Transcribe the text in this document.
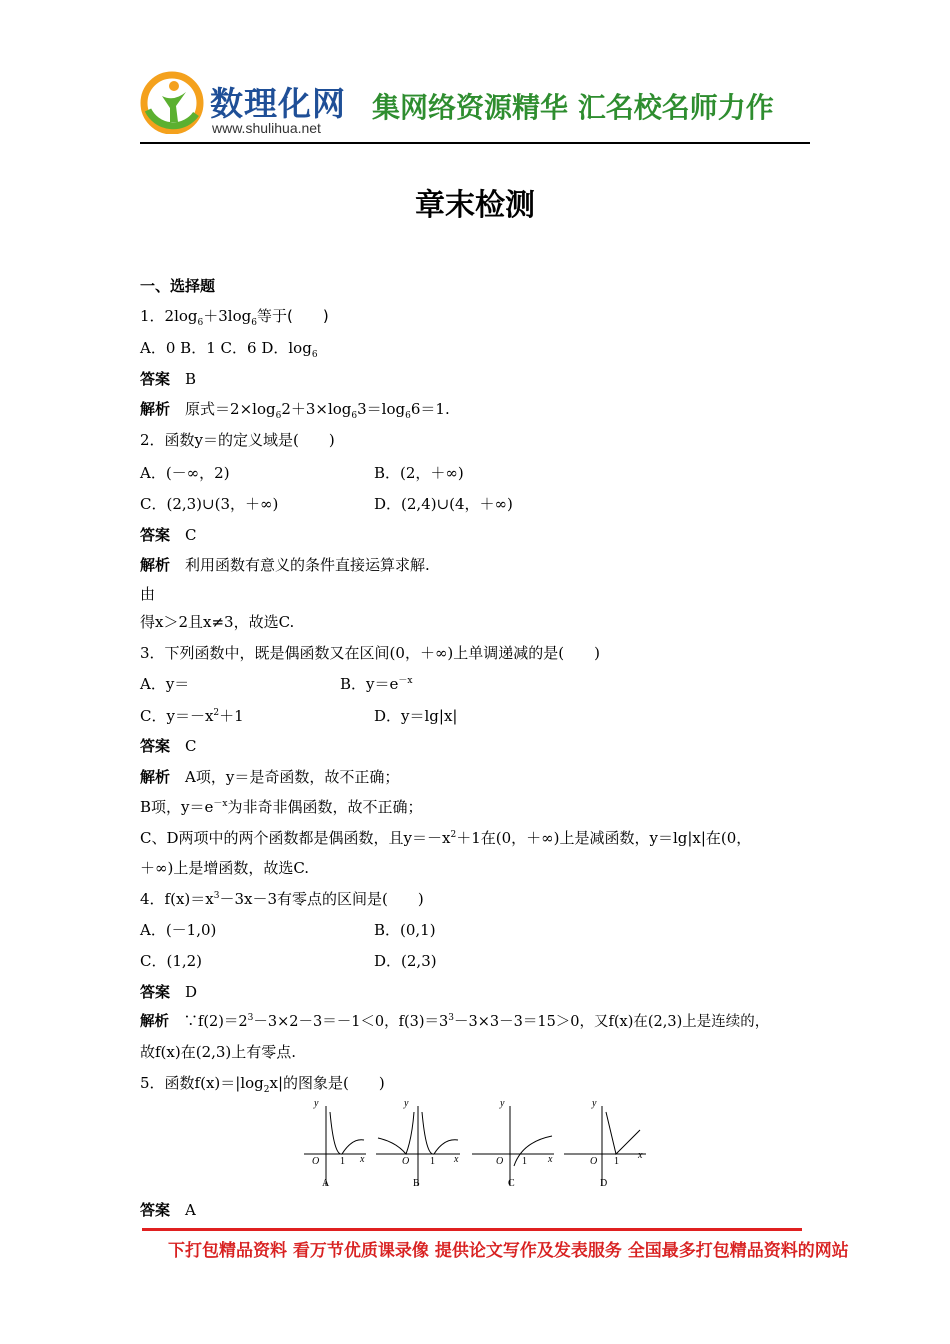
数理化网
www.shulihua.net
集网络资源精华 汇名校名师力作
章末检测
一、选择题
1．$2\log_6+3\log_6$等于(　　)
A．0 B．1 C．6 D．$\log_6$
答案　 B
解析　 原式$=2\times\log_62+3\times\log_63=\log_66=1$.
2．函数y＝的定义域是(　　)
A．(－∞，2)	B．(2，＋∞)
C．(2,3)∪(3，＋∞)	D．(2,4)∪(4，＋∞)
答案　 C
解析　 利用函数有意义的条件直接运算求解.
由
得x＞2且x≠3，故选C.
3．下列函数中，既是偶函数又在区间(0，＋∞)上单调递减的是(　　)
A．y＝	B．$y=e^{-x}$
C．$y=-x^2+1$	D．y＝lg|x|
答案　 C
解析　 A项，y＝是奇函数，故不正确；
B项，$y=e^{-x}$为非奇非偶函数，故不正确；
C、D两项中的两个函数都是偶函数，且$y=-x^2+1$在(0，＋∞)上是减函数，y＝lg|x|在(0，
＋∞)上是增函数，故选C.
4．$f(x)=x^3-3x-3$有零点的区间是(　　)
A．(－1,0)	B．(0,1)
C．(1,2)	D．(2,3)
答案　 D
解析　 $\because f(2)=2^3-3\times 2-3=-1<0$，$f(3)=3^3-3\times 3-3=15>0$，又f(x)在(2,3)上是连续的，
故f(x)在(2,3)上有零点.
5．函数$f(x)=|\log_2x|$的图象是(　　)
y
O 1 x
A
y
O 1 x
B
y
O 1 x
C
y
O 1
x
D
答案　 A
下打包精品资料 看万节优质课录像 提供论文写作及发表服务 全国最多打包精品资料的网站
